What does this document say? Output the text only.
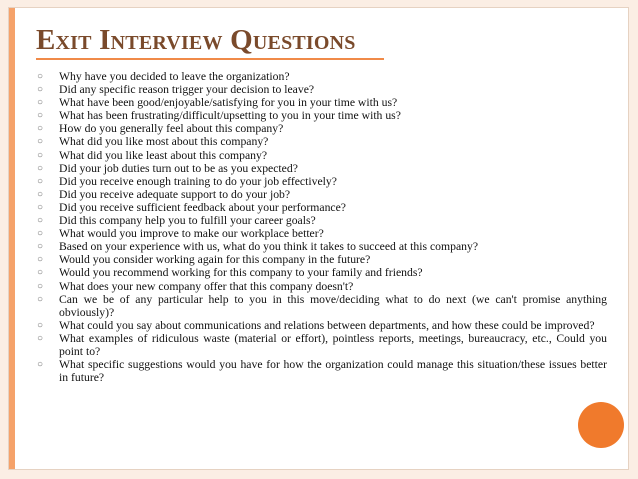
Exit Interview Questions
○ Why have you decided to leave the organization?
○ Did any specific reason trigger your decision to leave?
○ What have been good/enjoyable/satisfying for you in your time with us?
○ What has been frustrating/difficult/upsetting to you in your time with us?
○ How do you generally feel about this company?
○ What did you like most about this company?
○ What did you like least about this company?
○ Did your job duties turn out to be as you expected?
○ Did you receive enough training to do your job effectively?
○ Did you receive adequate support to do your job?
○ Did you receive sufficient feedback about your performance?
○ Did this company help you to fulfill your career goals?
○ What would you improve to make our workplace better?
○ Based on your experience with us, what do you think it takes to succeed at this company?
○ Would you consider working again for this company in the future?
○ Would you recommend working for this company to your family and friends?
○ What does your new company offer that this company doesn't?
○ Can we be of any particular help to you in this move/deciding what to do next (we can't promise anything obviously)?
○ What could you say about communications and relations between departments, and how these could be improved?
○ What examples of ridiculous waste (material or effort), pointless reports, meetings, bureaucracy, etc., Could you point to?
○ What specific suggestions would you have for how the organization could manage this situation/these issues better in future?
